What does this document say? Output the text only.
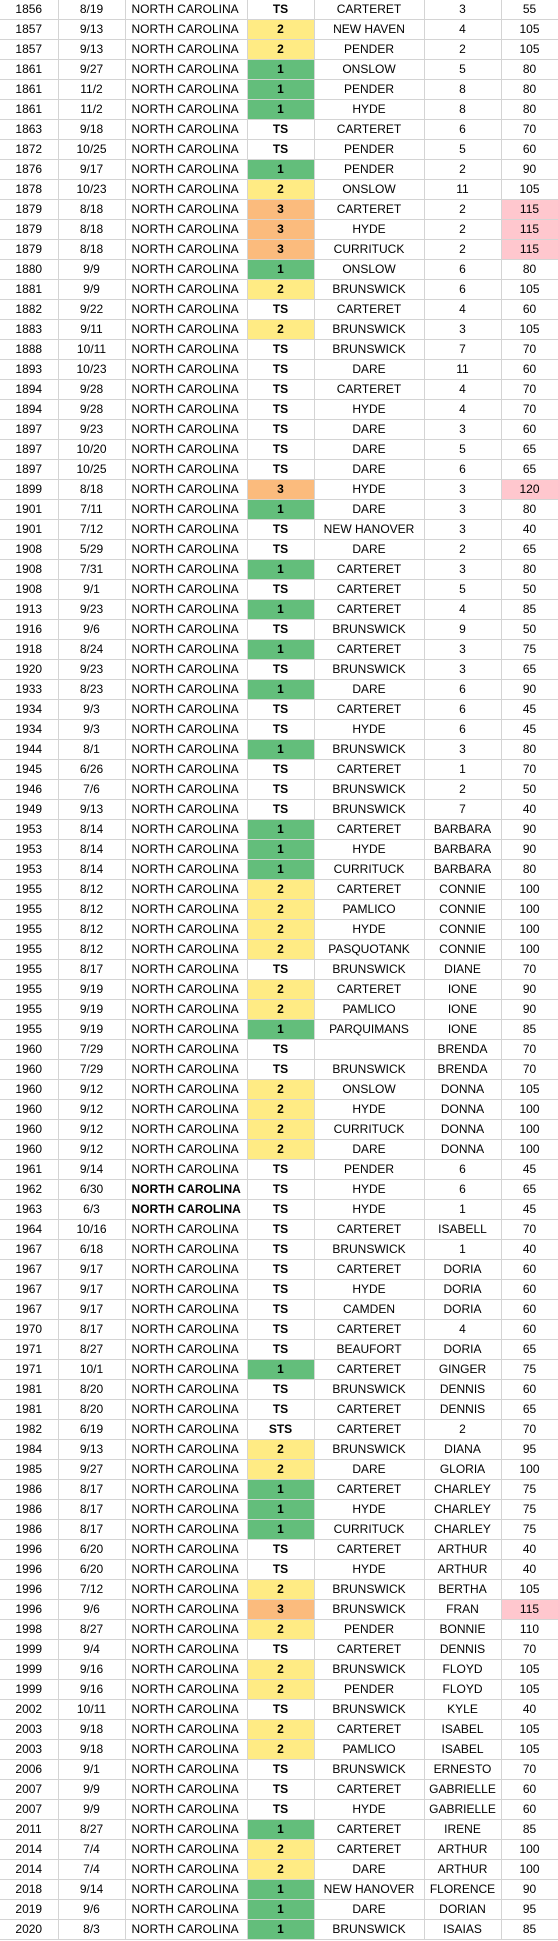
1856	8/19	NORTH CAROLINA	TS	CARTERET	3	55
1857	9/13	NORTH CAROLINA	2	NEW HAVEN	4	105
1857	9/13	NORTH CAROLINA	2	PENDER	2	105
1861	9/27	NORTH CAROLINA	1	ONSLOW	5	80
1861	11/2	NORTH CAROLINA	1	PENDER	8	80
1861	11/2	NORTH CAROLINA	1	HYDE	8	80
1863	9/18	NORTH CAROLINA	TS	CARTERET	6	70
1872	10/25	NORTH CAROLINA	TS	PENDER	5	60
1876	9/17	NORTH CAROLINA	1	PENDER	2	90
1878	10/23	NORTH CAROLINA	2	ONSLOW	11	105
1879	8/18	NORTH CAROLINA	3	CARTERET	2	115
1879	8/18	NORTH CAROLINA	3	HYDE	2	115
1879	8/18	NORTH CAROLINA	3	CURRITUCK	2	115
1880	9/9	NORTH CAROLINA	1	ONSLOW	6	80
1881	9/9	NORTH CAROLINA	2	BRUNSWICK	6	105
1882	9/22	NORTH CAROLINA	TS	CARTERET	4	60
1883	9/11	NORTH CAROLINA	2	BRUNSWICK	3	105
1888	10/11	NORTH CAROLINA	TS	BRUNSWICK	7	70
1893	10/23	NORTH CAROLINA	TS	DARE	11	60
1894	9/28	NORTH CAROLINA	TS	CARTERET	4	70
1894	9/28	NORTH CAROLINA	TS	HYDE	4	70
1897	9/23	NORTH CAROLINA	TS	DARE	3	60
1897	10/20	NORTH CAROLINA	TS	DARE	5	65
1897	10/25	NORTH CAROLINA	TS	DARE	6	65
1899	8/18	NORTH CAROLINA	3	HYDE	3	120
1901	7/11	NORTH CAROLINA	1	DARE	3	80
1901	7/12	NORTH CAROLINA	TS	NEW HANOVER	3	40
1908	5/29	NORTH CAROLINA	TS	DARE	2	65
1908	7/31	NORTH CAROLINA	1	CARTERET	3	80
1908	9/1	NORTH CAROLINA	TS	CARTERET	5	50
1913	9/23	NORTH CAROLINA	1	CARTERET	4	85
1916	9/6	NORTH CAROLINA	TS	BRUNSWICK	9	50
1918	8/24	NORTH CAROLINA	1	CARTERET	3	75
1920	9/23	NORTH CAROLINA	TS	BRUNSWICK	3	65
1933	8/23	NORTH CAROLINA	1	DARE	6	90
1934	9/3	NORTH CAROLINA	TS	CARTERET	6	45
1934	9/3	NORTH CAROLINA	TS	HYDE	6	45
1944	8/1	NORTH CAROLINA	1	BRUNSWICK	3	80
1945	6/26	NORTH CAROLINA	TS	CARTERET	1	70
1946	7/6	NORTH CAROLINA	TS	BRUNSWICK	2	50
1949	9/13	NORTH CAROLINA	TS	BRUNSWICK	7	40
1953	8/14	NORTH CAROLINA	1	CARTERET	BARBARA	90
1953	8/14	NORTH CAROLINA	1	HYDE	BARBARA	90
1953	8/14	NORTH CAROLINA	1	CURRITUCK	BARBARA	80
1955	8/12	NORTH CAROLINA	2	CARTERET	CONNIE	100
1955	8/12	NORTH CAROLINA	2	PAMLICO	CONNIE	100
1955	8/12	NORTH CAROLINA	2	HYDE	CONNIE	100
1955	8/12	NORTH CAROLINA	2	PASQUOTANK	CONNIE	100
1955	8/17	NORTH CAROLINA	TS	BRUNSWICK	DIANE	70
1955	9/19	NORTH CAROLINA	2	CARTERET	IONE	90
1955	9/19	NORTH CAROLINA	2	PAMLICO	IONE	90
1955	9/19	NORTH CAROLINA	1	PARQUIMANS	IONE	85
1960	7/29	NORTH CAROLINA	TS		BRENDA	70
1960	7/29	NORTH CAROLINA	TS	BRUNSWICK	BRENDA	70
1960	9/12	NORTH CAROLINA	2	ONSLOW	DONNA	105
1960	9/12	NORTH CAROLINA	2	HYDE	DONNA	100
1960	9/12	NORTH CAROLINA	2	CURRITUCK	DONNA	100
1960	9/12	NORTH CAROLINA	2	DARE	DONNA	100
1961	9/14	NORTH CAROLINA	TS	PENDER	6	45
1962	6/30	NORTH CAROLINA	TS	HYDE	6	65
1963	6/3	NORTH CAROLINA	TS	HYDE	1	45
1964	10/16	NORTH CAROLINA	TS	CARTERET	ISABELL	70
1967	6/18	NORTH CAROLINA	TS	BRUNSWICK	1	40
1967	9/17	NORTH CAROLINA	TS	CARTERET	DORIA	60
1967	9/17	NORTH CAROLINA	TS	HYDE	DORIA	60
1967	9/17	NORTH CAROLINA	TS	CAMDEN	DORIA	60
1970	8/17	NORTH CAROLINA	TS	CARTERET	4	60
1971	8/27	NORTH CAROLINA	TS	BEAUFORT	DORIA	65
1971	10/1	NORTH CAROLINA	1	CARTERET	GINGER	75
1981	8/20	NORTH CAROLINA	TS	BRUNSWICK	DENNIS	60
1981	8/20	NORTH CAROLINA	TS	CARTERET	DENNIS	65
1982	6/19	NORTH CAROLINA	STS	CARTERET	2	70
1984	9/13	NORTH CAROLINA	2	BRUNSWICK	DIANA	95
1985	9/27	NORTH CAROLINA	2	DARE	GLORIA	100
1986	8/17	NORTH CAROLINA	1	CARTERET	CHARLEY	75
1986	8/17	NORTH CAROLINA	1	HYDE	CHARLEY	75
1986	8/17	NORTH CAROLINA	1	CURRITUCK	CHARLEY	75
1996	6/20	NORTH CAROLINA	TS	CARTERET	ARTHUR	40
1996	6/20	NORTH CAROLINA	TS	HYDE	ARTHUR	40
1996	7/12	NORTH CAROLINA	2	BRUNSWICK	BERTHA	105
1996	9/6	NORTH CAROLINA	3	BRUNSWICK	FRAN	115
1998	8/27	NORTH CAROLINA	2	PENDER	BONNIE	110
1999	9/4	NORTH CAROLINA	TS	CARTERET	DENNIS	70
1999	9/16	NORTH CAROLINA	2	BRUNSWICK	FLOYD	105
1999	9/16	NORTH CAROLINA	2	PENDER	FLOYD	105
2002	10/11	NORTH CAROLINA	TS	BRUNSWICK	KYLE	40
2003	9/18	NORTH CAROLINA	2	CARTERET	ISABEL	105
2003	9/18	NORTH CAROLINA	2	PAMLICO	ISABEL	105
2006	9/1	NORTH CAROLINA	TS	BRUNSWICK	ERNESTO	70
2007	9/9	NORTH CAROLINA	TS	CARTERET	GABRIELLE	60
2007	9/9	NORTH CAROLINA	TS	HYDE	GABRIELLE	60
2011	8/27	NORTH CAROLINA	1	CARTERET	IRENE	85
2014	7/4	NORTH CAROLINA	2	CARTERET	ARTHUR	100
2014	7/4	NORTH CAROLINA	2	DARE	ARTHUR	100
2018	9/14	NORTH CAROLINA	1	NEW HANOVER	FLORENCE	90
2019	9/6	NORTH CAROLINA	1	DARE	DORIAN	95
2020	8/3	NORTH CAROLINA	1	BRUNSWICK	ISAIAS	85
